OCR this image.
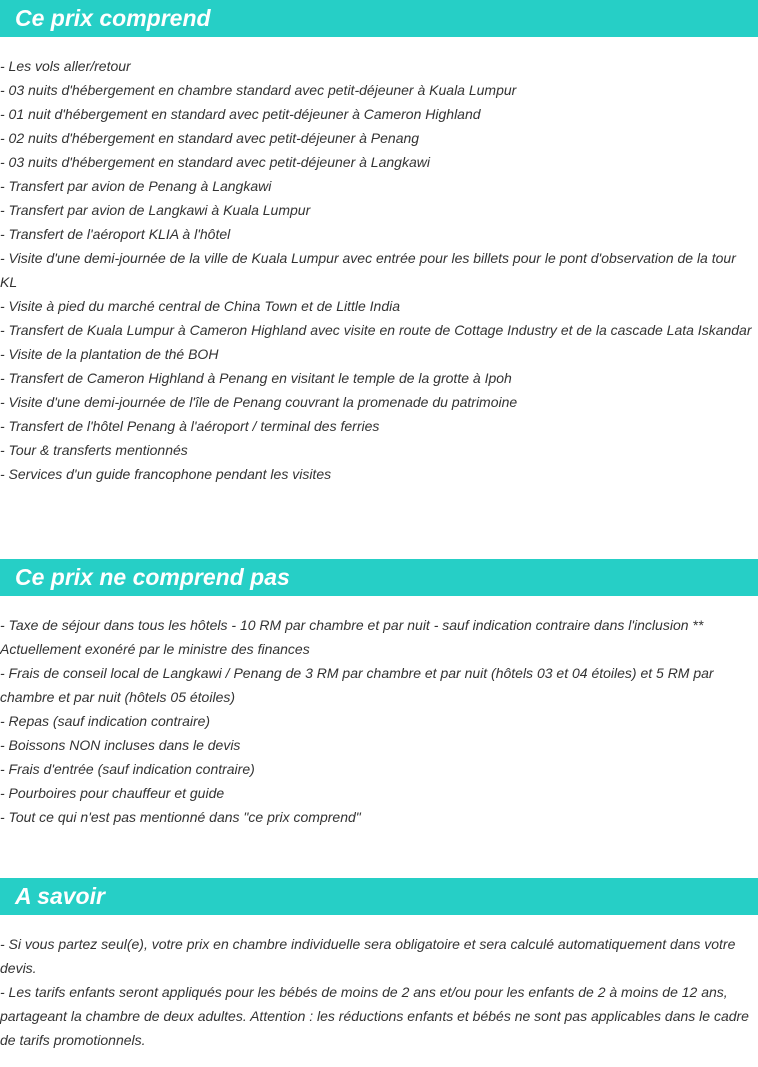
Ce prix comprend
- Les vols aller/retour
- 03 nuits d'hébergement en chambre standard avec petit-déjeuner à Kuala Lumpur
- 01 nuit d'hébergement en standard avec petit-déjeuner à Cameron Highland
- 02 nuits d'hébergement en standard avec petit-déjeuner à Penang
- 03 nuits d'hébergement en standard avec petit-déjeuner à Langkawi
- Transfert par avion de Penang à Langkawi
- Transfert par avion de Langkawi à Kuala Lumpur
- Transfert de l'aéroport KLIA à l'hôtel
- Visite d'une demi-journée de la ville de Kuala Lumpur avec entrée pour les billets pour le pont d'observation de la tour KL
- Visite à pied du marché central de China Town et de Little India
- Transfert de Kuala Lumpur à Cameron Highland avec visite en route de Cottage Industry et de la cascade Lata Iskandar
- Visite de la plantation de thé BOH
- Transfert de Cameron Highland à Penang en visitant le temple de la grotte à Ipoh
- Visite d'une demi-journée de l'île de Penang couvrant la promenade du patrimoine
- Transfert de l'hôtel Penang à l'aéroport / terminal des ferries
- Tour & transferts mentionnés
- Services d'un guide francophone pendant les visites
Ce prix ne comprend pas
- Taxe de séjour dans tous les hôtels - 10 RM par chambre et par nuit - sauf indication contraire dans l'inclusion ** Actuellement exonéré par le ministre des finances
- Frais de conseil local de Langkawi / Penang de 3 RM par chambre et par nuit (hôtels 03 et 04 étoiles) et 5 RM par chambre et par nuit (hôtels 05 étoiles)
- Repas (sauf indication contraire)
- Boissons NON incluses dans le devis
- Frais d'entrée (sauf indication contraire)
- Pourboires pour chauffeur et guide
- Tout ce qui n'est pas mentionné dans "ce prix comprend"
A savoir
- Si vous partez seul(e), votre prix en chambre individuelle sera obligatoire et sera calculé automatiquement dans votre devis.
- Les tarifs enfants seront appliqués pour les bébés de moins de 2 ans et/ou pour les enfants de 2 à moins de 12 ans, partageant la chambre de deux adultes. Attention : les réductions enfants et bébés ne sont pas applicables dans le cadre de tarifs promotionnels.
